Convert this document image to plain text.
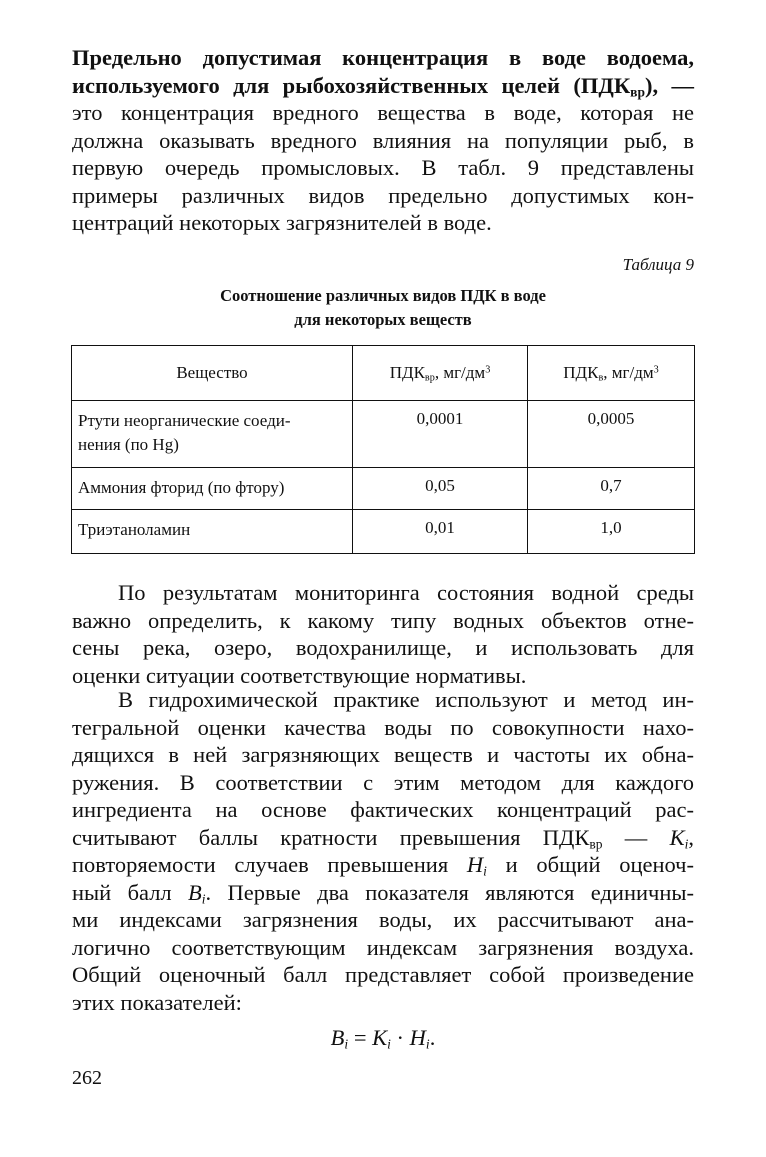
Предельно допустимая концентрация в воде водоема,
используемого для рыбохозяйственных целей $(ПДК_{вр})$, —
это концентрация вредного вещества в воде, которая не
должна оказывать вредного влияния на популяции рыб, в
первую очередь промысловых. В табл. 9 представлены
примеры различных видов предельно допустимых кон-
центраций некоторых загрязнителей в воде.
Таблица 9
Соотношение различных видов ПДК в воде
для некоторых веществ
Вещество	$ПДК_{вр}$, $мг/дм^3$	$ПДК_в$, $мг/дм^3$
Ртути неорганические соеди-
нения (по Hg)	0,0001	0,0005
Аммония фторид (по фтору)	0,05	0,7
Триэтаноламин	0,01	1,0
По результатам мониторинга состояния водной среды
важно определить, к какому типу водных объектов отне-
сены река, озеро, водохранилище, и использовать для
оценки ситуации соответствующие нормативы.
В гидрохимической практике используют и метод ин-
тегральной оценки качества воды по совокупности нахо-
дящихся в ней загрязняющих веществ и частоты их обна-
ружения. В соответствии с этим методом для каждого
ингредиента на основе фактических концентраций рас-
считывают баллы кратности превышения $ПДК_{вр}$ — $K_i$,
повторяемости случаев превышения $H_i$ и общий оценоч-
ный балл $B_i$. Первые два показателя являются единичны-
ми индексами загрязнения воды, их рассчитывают ана-
логично соответствующим индексам загрязнения воздуха.
Общий оценочный балл представляет собой произведение
этих показателей:
$B_i = K_i \cdot H_i$.
262
